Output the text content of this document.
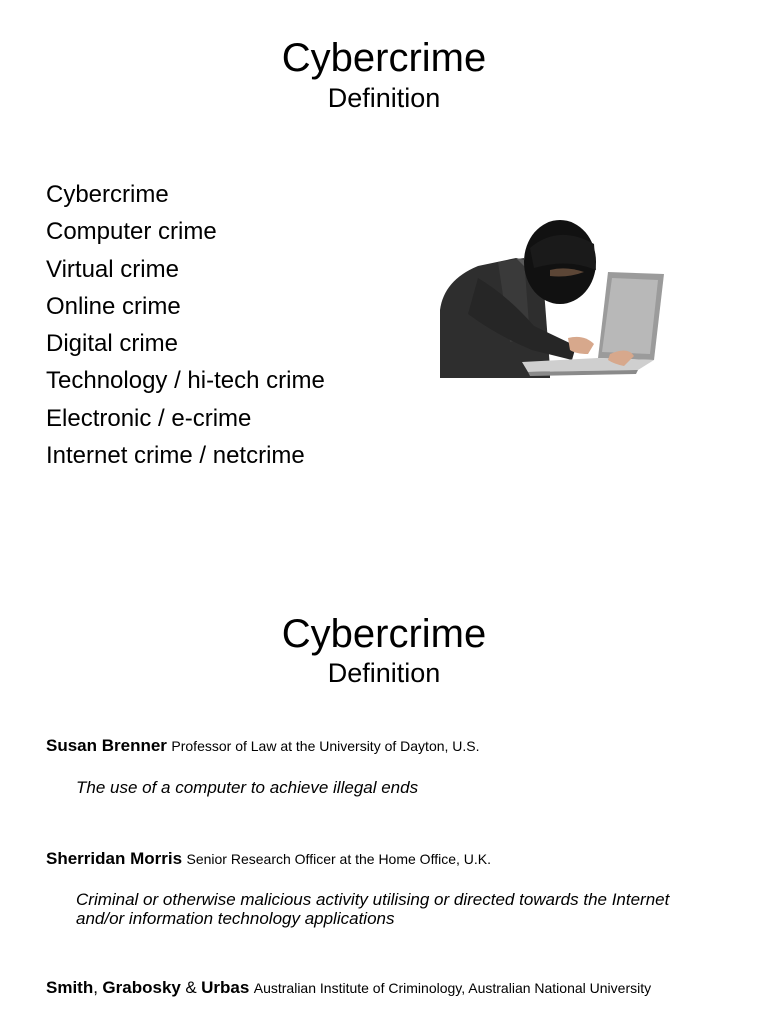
Cybercrime
Definition
Cybercrime
Computer crime
Virtual crime
Online crime
Digital crime
Technology / hi-tech crime
Electronic / e-crime
Internet crime / netcrime
Cybercrime
Definition
Susan Brenner Professor of Law at the University of Dayton, U.S.
The use of a computer to achieve illegal ends
Sherridan Morris Senior Research Officer at the Home Office, U.K.
Criminal or otherwise malicious activity utilising or directed towards the Internet and/or information technology applications
Smith, Grabosky & Urbas Australian Institute of Criminology, Australian National University
